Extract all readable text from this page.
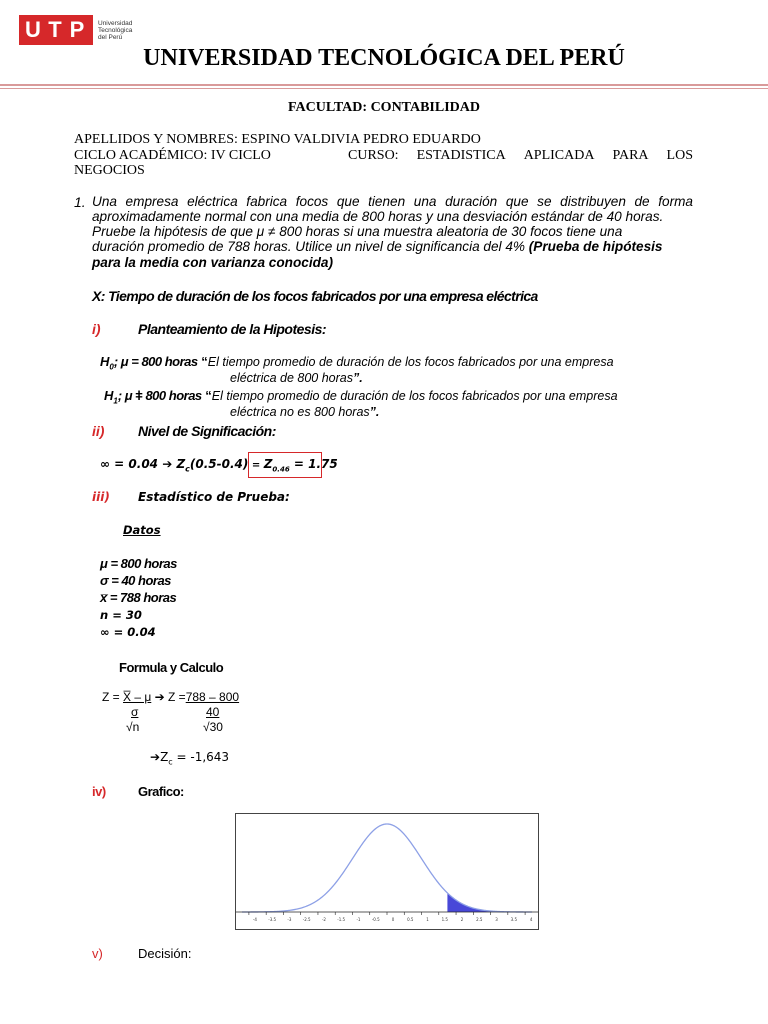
U T P	Universidad
Tecnológica
del Perú
UNIVERSIDAD TECNOLÓGICA DEL PERÚ
FACULTAD: CONTABILIDAD
APELLIDOS Y NOMBRES: ESPINO VALDIVIA PEDRO EDUARDO
CICLO ACADÉMICO: IV CICLO	CURSO: ESTADISTICA APLICADA PARA LOS
NEGOCIOS
1. Una empresa eléctrica fabrica focos que tienen una duración que se distribuyen de forma
aproximadamente normal con una media de 800 horas y una desviación estándar de 40 horas.
Pruebe la hipótesis de que μ ≠ 800 horas si una muestra aleatoria de 30 focos tiene una
duración promedio de 788 horas. Utilice un nivel de significancia del 4% (Prueba de hipótesis
para la media con varianza conocida)
X: Tiempo de duración de los focos fabricados por una empresa eléctrica
i)	Planteamiento de la Hipotesis:
$H_0$; μ = 800 horas “El tiempo promedio de duración de los focos fabricados por una empresa
eléctrica de 800 horas”.
$H_1$; μ ǂ 800 horas “El tiempo promedio de duración de los focos fabricados por una empresa
eléctrica no es 800 horas”.
ii) Nivel de Significación:
∞ = 0.04 ➔ $Z_c(0.5-0.4) = Z_{0.46} = 1.75$
iii) Estadístico de Prueba:
Datos
μ = 800 horas
σ = 40 horas
x̅ = 788 horas
n = 30
∞ = 0.04
Formula y Calculo
Z = X̅ – μ ➔ Z =788 – 800
σ
√n
40
√30
$➔Z_c = -1,643$
iv) Grafico:
-4	-3.5	-3	-2.5	-2	-1.5	-1	-0.5	0	0.5	1	1.5	2	2.5	3	3.5	4
v)	Decisión:
